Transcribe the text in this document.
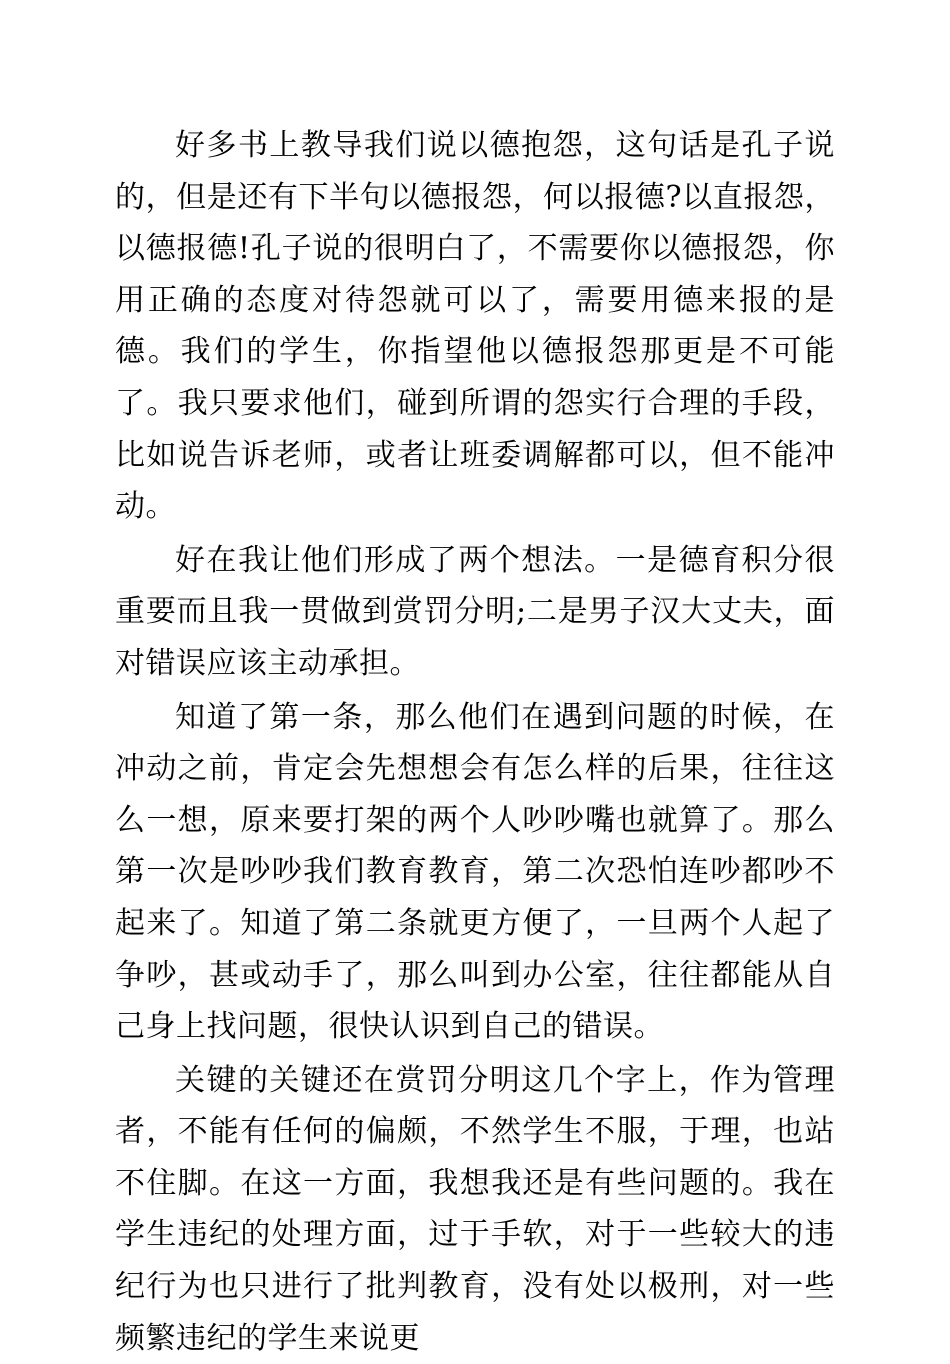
好多书上教导我们说以德抱怨，这句话是孔子说的，但是还有下半句以德报怨，何以报德?以直报怨，以德报德!孔子说的很明白了，不需要你以德报怨，你用正确的态度对待怨就可以了，需要用德来报的是德。我们的学生，你指望他以德报怨那更是不可能了。我只要求他们，碰到所谓的怨实行合理的手段，比如说告诉老师，或者让班委调解都可以，但不能冲动。

好在我让他们形成了两个想法。一是德育积分很重要而且我一贯做到赏罚分明;二是男子汉大丈夫，面对错误应该主动承担。

知道了第一条，那么他们在遇到问题的时候，在冲动之前，肯定会先想想会有怎么样的后果，往往这么一想，原来要打架的两个人吵吵嘴也就算了。那么第一次是吵吵我们教育教育，第二次恐怕连吵都吵不起来了。知道了第二条就更方便了，一旦两个人起了争吵，甚或动手了，那么叫到办公室，往往都能从自己身上找问题，很快认识到自己的错误。

关键的关键还在赏罚分明这几个字上，作为管理者，不能有任何的偏颇，不然学生不服，于理，也站不住脚。在这一方面，我想我还是有些问题的。我在学生违纪的处理方面，过于手软，对于一些较大的违纪行为也只进行了批判教育，没有处以极刑，对一些频繁违纪的学生来说更
